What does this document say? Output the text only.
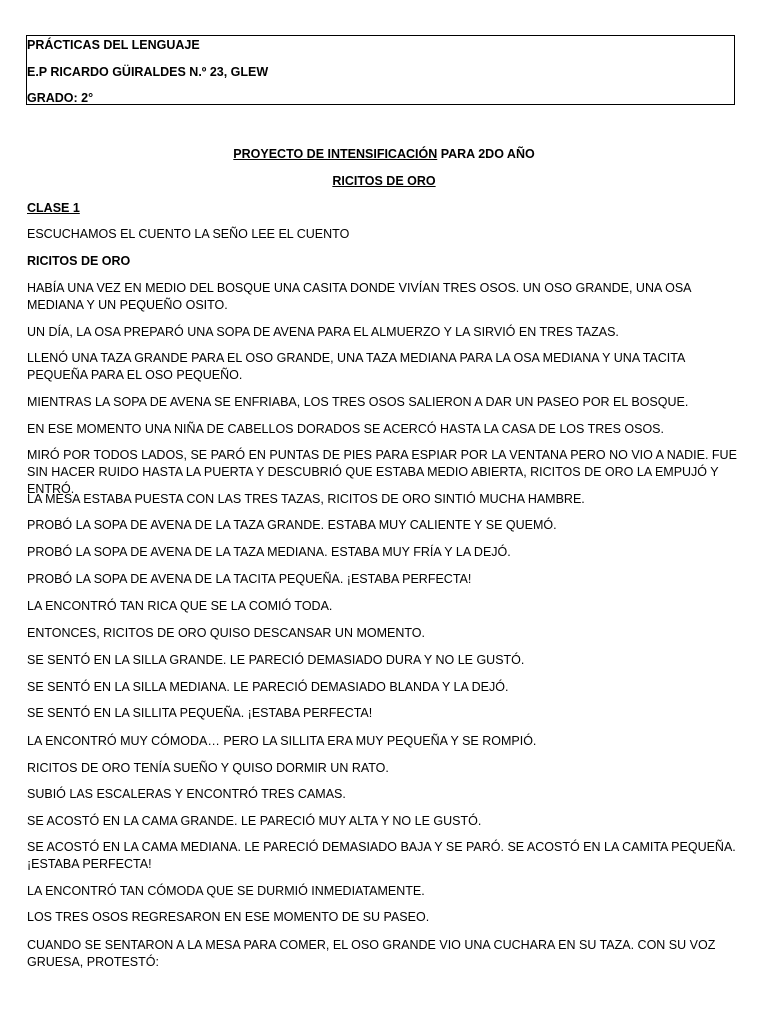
PRÁCTICAS DEL LENGUAJE
E.P RICARDO GÜIRALDES N.º 23, GLEW
GRADO: 2°
PROYECTO DE INTENSIFICACIÓN PARA 2DO AÑO
RICITOS DE ORO
CLASE 1
ESCUCHAMOS EL CUENTO LA SEÑO LEE EL CUENTO
RICITOS DE ORO
HABÍA UNA VEZ EN MEDIO DEL BOSQUE UNA CASITA DONDE VIVÍAN TRES OSOS. UN OSO GRANDE, UNA OSA MEDIANA Y UN PEQUEÑO OSITO.
UN DÍA, LA OSA PREPARÓ UNA SOPA DE AVENA PARA EL ALMUERZO Y LA SIRVIÓ EN TRES TAZAS.
LLENÓ UNA TAZA GRANDE PARA EL OSO GRANDE, UNA TAZA MEDIANA PARA LA OSA MEDIANA Y UNA TACITA PEQUEÑA PARA EL OSO PEQUEÑO.
MIENTRAS LA SOPA DE AVENA SE ENFRIABA, LOS TRES OSOS SALIERON A DAR UN PASEO POR EL BOSQUE.
EN ESE MOMENTO UNA NIÑA DE CABELLOS DORADOS SE ACERCÓ HASTA LA CASA DE LOS TRES OSOS.
MIRÓ POR TODOS LADOS, SE PARÓ EN PUNTAS DE PIES PARA ESPIAR POR LA VENTANA PERO NO VIO A NADIE. FUE SIN HACER RUIDO HASTA LA PUERTA Y DESCUBRIÓ QUE ESTABA MEDIO ABIERTA, RICITOS DE ORO LA EMPUJÓ Y ENTRÓ.
LA MESA ESTABA PUESTA CON LAS TRES TAZAS, RICITOS DE ORO SINTIÓ MUCHA HAMBRE.
PROBÓ LA SOPA DE AVENA DE LA TAZA GRANDE. ESTABA MUY CALIENTE Y SE QUEMÓ.
PROBÓ LA SOPA DE AVENA DE LA TAZA MEDIANA. ESTABA MUY FRÍA Y LA DEJÓ.
PROBÓ LA SOPA DE AVENA DE LA TACITA PEQUEÑA. ¡ESTABA PERFECTA!
LA ENCONTRÓ TAN RICA QUE SE LA COMIÓ TODA.
ENTONCES, RICITOS DE ORO QUISO DESCANSAR UN MOMENTO.
SE SENTÓ EN LA SILLA GRANDE. LE PARECIÓ DEMASIADO DURA Y NO LE GUSTÓ.
SE SENTÓ EN LA SILLA MEDIANA. LE PARECIÓ DEMASIADO BLANDA Y LA DEJÓ.
SE SENTÓ EN LA SILLITA PEQUEÑA. ¡ESTABA PERFECTA!
LA ENCONTRÓ MUY CÓMODA… PERO LA SILLITA ERA MUY PEQUEÑA Y SE ROMPIÓ.
RICITOS DE ORO TENÍA SUEÑO Y QUISO DORMIR UN RATO.
SUBIÓ LAS ESCALERAS Y ENCONTRÓ TRES CAMAS.
SE ACOSTÓ EN LA CAMA GRANDE. LE PARECIÓ MUY ALTA Y NO LE GUSTÓ.
SE ACOSTÓ EN LA CAMA MEDIANA. LE PARECIÓ DEMASIADO BAJA Y SE PARÓ. SE ACOSTÓ EN LA CAMITA PEQUEÑA. ¡ESTABA PERFECTA!
LA ENCONTRÓ TAN CÓMODA QUE SE DURMIÓ INMEDIATAMENTE.
LOS TRES OSOS REGRESARON EN ESE MOMENTO DE SU PASEO.
CUANDO SE SENTARON A LA MESA PARA COMER, EL OSO GRANDE VIO UNA CUCHARA EN SU TAZA. CON SU VOZ GRUESA, PROTESTÓ:
